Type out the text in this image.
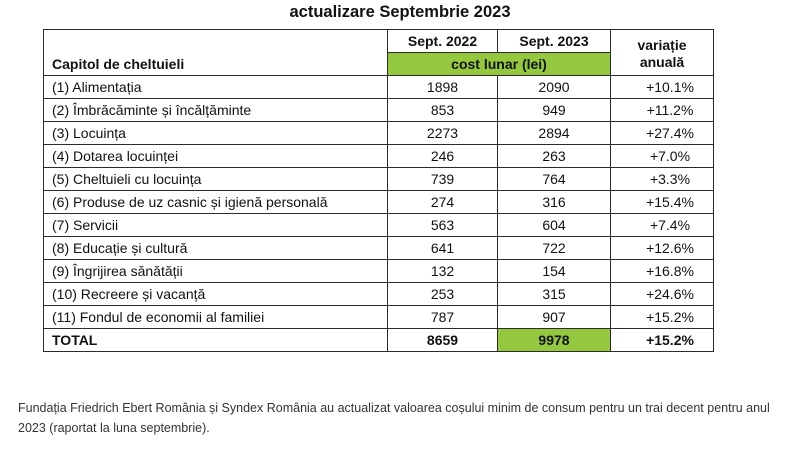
actualizare Septembrie 2023
Capitol de cheltuieli	Sept. 2022	Sept. 2023	variație
anuală

	cost lunar (lei)		
(1) Alimentația	1898	2090	+10.1%
(2) Îmbrăcăminte și încălțăminte	853	949	+11.2%
(3) Locuința	2273	2894	+27.4%
(4) Dotarea locuinței	246	263	+7.0%
(5) Cheltuieli cu locuința	739	764	+3.3%
(6) Produse de uz casnic și igienă personală	274	316	+15.4%
(7) Servicii	563	604	+7.4%
(8) Educație și cultură	641	722	+12.6%
(9) Îngrijirea sănătății	132	154	+16.8%
(10) Recreere și vacanță	253	315	+24.6%
(11) Fondul de economii al familiei	787	907	+15.2%
TOTAL	8659	9978	+15.2%
Fundația Friedrich Ebert România și Syndex România au actualizat valoarea coșului minim de consum pentru un trai decent pentru anul 2023 (raportat la luna septembrie).
